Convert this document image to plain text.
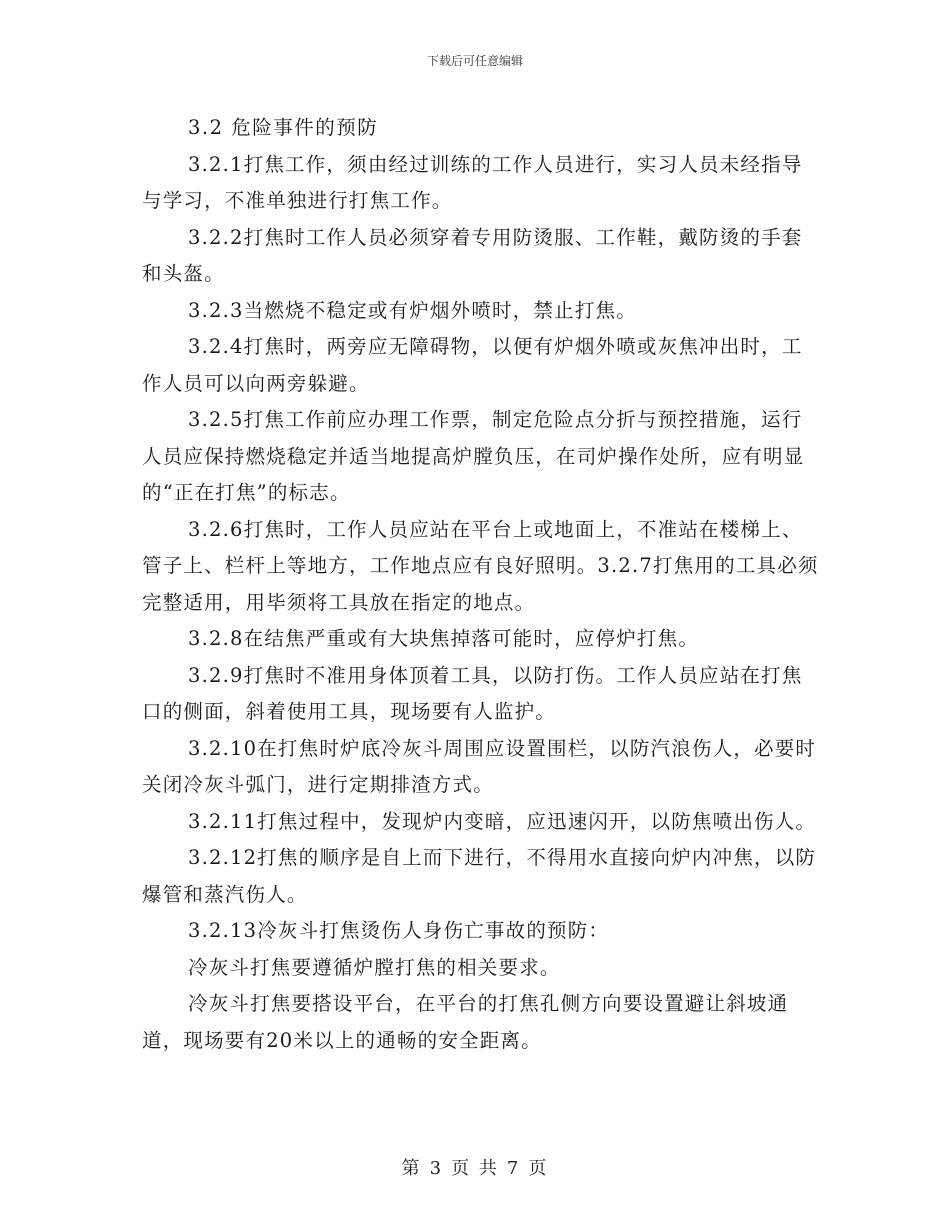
下载后可任意编辑

3.2 危险事件的预防

3.2.1打焦工作，须由经过训练的工作人员进行，实习人员未经指导与学习，不准单独进行打焦工作。

3.2.2打焦时工作人员必须穿着专用防烫服、工作鞋，戴防烫的手套和头盔。

3.2.3当燃烧不稳定或有炉烟外喷时，禁止打焦。

3.2.4打焦时，两旁应无障碍物，以便有炉烟外喷或灰焦冲出时，工作人员可以向两旁躲避。

3.2.5打焦工作前应办理工作票，制定危险点分折与预控措施，运行人员应保持燃烧稳定并适当地提高炉膛负压，在司炉操作处所，应有明显的“正在打焦”的标志。

3.2.6打焦时，工作人员应站在平台上或地面上，不准站在楼梯上、管子上、栏杆上等地方，工作地点应有良好照明。3.2.7打焦用的工具必须完整适用，用毕须将工具放在指定的地点。

3.2.8在结焦严重或有大块焦掉落可能时，应停炉打焦。

3.2.9打焦时不准用身体顶着工具，以防打伤。工作人员应站在打焦口的侧面，斜着使用工具，现场要有人监护。

3.2.10在打焦时炉底冷灰斗周围应设置围栏，以防汽浪伤人，必要时关闭冷灰斗弧门，进行定期排渣方式。

3.2.11打焦过程中，发现炉内变暗，应迅速闪开，以防焦喷出伤人。

3.2.12打焦的顺序是自上而下进行，不得用水直接向炉内冲焦，以防爆管和蒸汽伤人。

3.2.13冷灰斗打焦烫伤人身伤亡事故的预防：

冷灰斗打焦要遵循炉膛打焦的相关要求。

冷灰斗打焦要搭设平台，在平台的打焦孔侧方向要设置避让斜坡通道，现场要有20米以上的通畅的安全距离。

第 3 页 共 7 页
